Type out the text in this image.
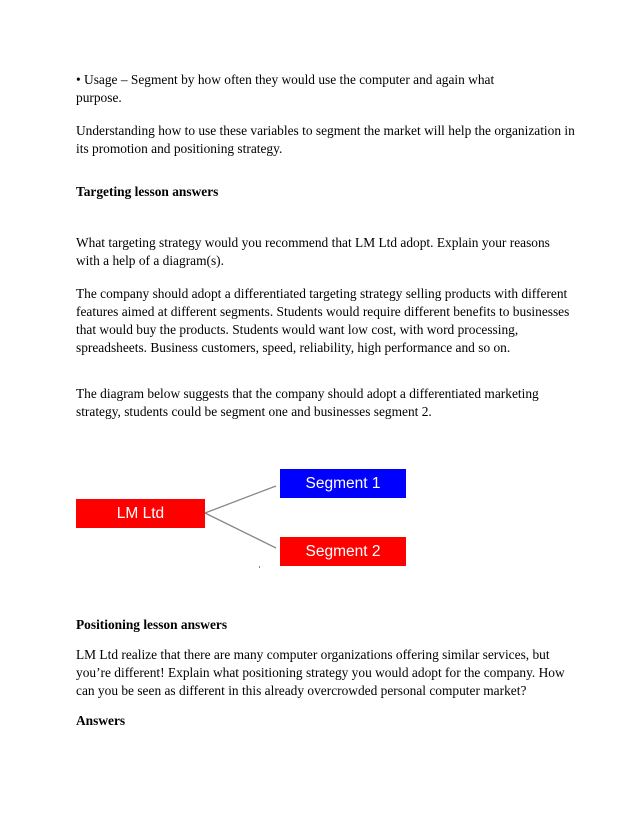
• Usage – Segment by how often they would use the computer and again what purpose.

Understanding how to use these variables to segment the market will help the organization in its promotion and positioning strategy.

Targeting lesson answers

What targeting strategy would you recommend that LM Ltd adopt. Explain your reasons with a help of a diagram(s).

The company should adopt a differentiated targeting strategy selling products with different features aimed at different segments. Students would require different benefits to businesses that would buy the products. Students would want low cost, with word processing, spreadsheets. Business customers, speed, reliability, high performance and so on.

The diagram below suggests that the company should adopt a differentiated marketing strategy, students could be segment one and businesses segment 2.

LM Ltd
Segment 1
Segment 2

Positioning lesson answers

LM Ltd realize that there are many computer organizations offering similar services, but you’re different! Explain what positioning strategy you would adopt for the company. How can you be seen as different in this already overcrowded personal computer market?

Answers
